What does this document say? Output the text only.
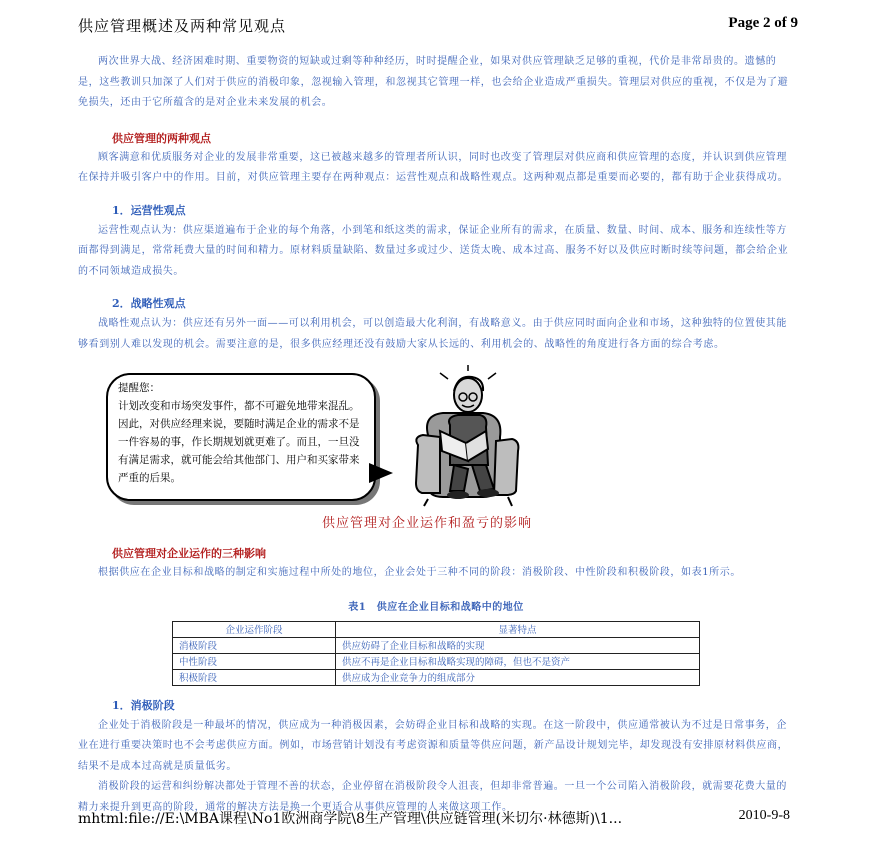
供应管理概述及两种常见观点	Page 2 of 9

两次世界大战、经济困难时期、重要物资的短缺或过剩等种种经历，时时提醒企业，如果对供应管理缺乏足够的重视，代价是非常昂贵的。遗憾的是，这些教训只加深了人们对于供应的消极印象，忽视输入管理，和忽视其它管理一样，也会给企业造成严重损失。管理层对供应的重视，不仅是为了避免损失，还由于它所蕴含的是对企业未来发展的机会。

供应管理的两种观点

顾客满意和优质服务对企业的发展非常重要，这已被越来越多的管理者所认识，同时也改变了管理层对供应商和供应管理的态度，并认识到供应管理在保持并吸引客户中的作用。目前，对供应管理主要存在两种观点：运营性观点和战略性观点。这两种观点都是重要而必要的，都有助于企业获得成功。

1．运营性观点

运营性观点认为：供应渠道遍布于企业的每个角落，小到笔和纸这类的需求，保证企业所有的需求，在质量、数量、时间、成本、服务和连续性等方面都得到满足，常常耗费大量的时间和精力。原材料质量缺陷、数量过多或过少、送货太晚、成本过高、服务不好以及供应时断时续等问题，都会给企业的不同领域造成损失。

2．战略性观点

战略性观点认为：供应还有另外一面——可以利用机会，可以创造最大化利润，有战略意义。由于供应同时面向企业和市场，这种独特的位置使其能够看到别人难以发现的机会。需要注意的是，很多供应经理还没有鼓励大家从长远的、利用机会的、战略性的角度进行各方面的综合考虑。

提醒您：
计划改变和市场突发事件，都不可避免地带来混乱。因此，对供应经理来说，要随时满足企业的需求不是一件容易的事，作长期规划就更难了。而且，一旦没有满足需求，就可能会给其他部门、用户和买家带来严重的后果。
供应管理对企业运作和盈亏的影响
供应管理对企业运作的三种影响

根据供应在企业目标和战略的制定和实施过程中所处的地位，企业会处于三种不同的阶段：消极阶段、中性阶段和积极阶段，如表1所示。

表1　供应在企业目标和战略中的地位
企业运作阶段	显著特点
消极阶段	供应妨碍了企业目标和战略的实现
中性阶段	供应不再是企业目标和战略实现的障碍，但也不是资产
积极阶段	供应成为企业竞争力的组成部分
1．消极阶段

企业处于消极阶段是一种最坏的情况，供应成为一种消极因素，会妨碍企业目标和战略的实现。在这一阶段中，供应通常被认为不过是日常事务，企业在进行重要决策时也不会考虑供应方面。例如，市场营销计划没有考虑资源和质量等供应问题，新产品设计规划完毕，却发现没有安排原材料供应商，结果不是成本过高就是质量低劣。

消极阶段的运营和纠纷解决都处于管理不善的状态，企业停留在消极阶段令人沮丧，但却非常普遍。一旦一个公司陷入消极阶段，就需要花费大量的精力来提升到更高的阶段，通常的解决方法是换一个更适合从事供应管理的人来做这项工作。

mhtml:file://E:\MBA课程\No1欧洲商学院\8生产管理\供应链管理(米切尔·林德斯)\1...	2010-9-8
